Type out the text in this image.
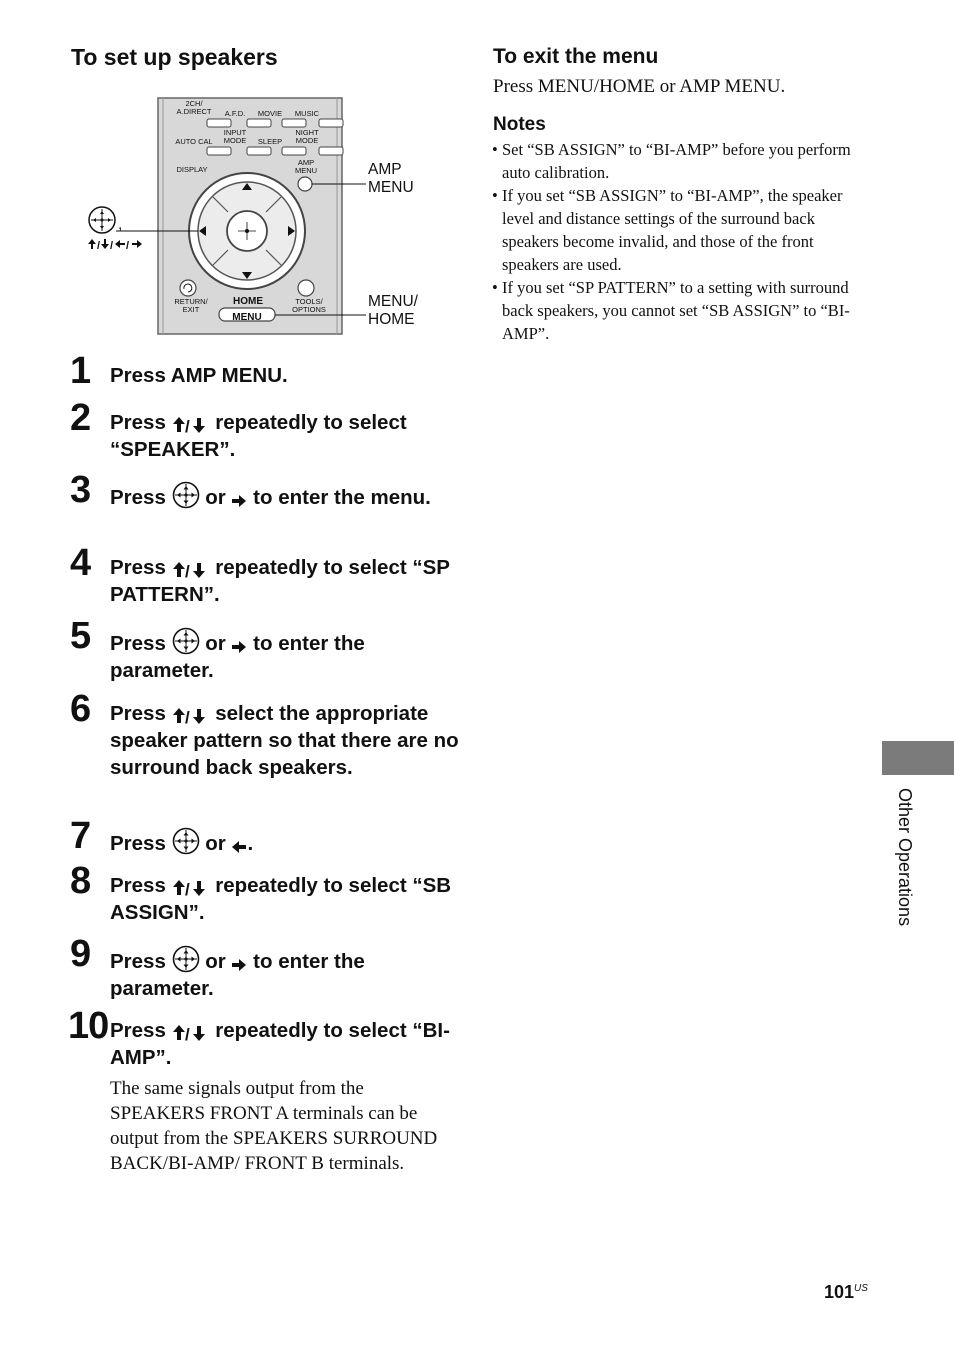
To set up speakers
/ / /
2CH/
A.DIRECT	A.F.D.	MOVIE	MUSIC
AUTO CAL
INPUT
MODE	SLEEP
NIGHT
MODE
DISPLAY
AMP
MENU
RETURN/
EXIT
HOME
MENU
TOOLS/
OPTIONS
AMP
MENU
MENU/
HOME
,
1 Press AMP MENU.
2 Press / repeatedly to select “SPEAKER”.
3 Press  or  to enter the menu.
4 Press / repeatedly to select “SP PATTERN”.
5 Press  or  to enter the parameter.
6 Press / select the appropriate speaker pattern so that there are no surround back speakers.
7 Press  or .
8 Press / repeatedly to select “SB ASSIGN”.
9 Press  or  to enter the parameter.
10 Press / repeatedly to select “BI-AMP”.
The same signals output from the SPEAKERS FRONT A terminals can be output from the SPEAKERS SURROUND BACK/BI-AMP/ FRONT B terminals.
To exit the menu
Press MENU/HOME or AMP MENU.
Notes
• Set “SB ASSIGN” to “BI-AMP” before you perform auto calibration.
• If you set “SB ASSIGN” to “BI-AMP”, the speaker level and distance settings of the surround back speakers become invalid, and those of the front speakers are used.
• If you set “SP PATTERN” to a setting with surround back speakers, you cannot set “SB ASSIGN” to “BI-AMP”.
Other Operations
$101^{US}$
